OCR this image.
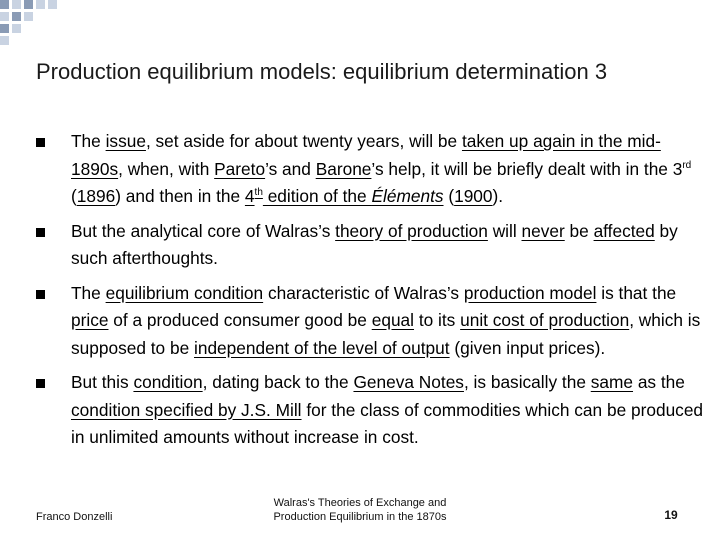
Production equilibrium models: equilibrium determination 3
The issue, set aside for about twenty years, will be taken up again in the mid-1890s, when, with Pareto’s and Barone’s help, it will be briefly dealt with in the 3rd (1896) and then in the 4th edition of the Éléments (1900).
But the analytical core of Walras’s theory of production will never be affected by such afterthoughts.
The equilibrium condition characteristic of Walras’s production model is that the price of a produced consumer good be equal to its unit cost of production, which is supposed to be independent of the level of output (given input prices).
But this condition, dating back to the Geneva Notes, is basically the same as the condition specified by J.S. Mill for the class of commodities which can be produced in unlimited amounts without increase in cost.
Franco Donzelli
Walras's Theories of Exchange and
Production Equilibrium in the 1870s	19
